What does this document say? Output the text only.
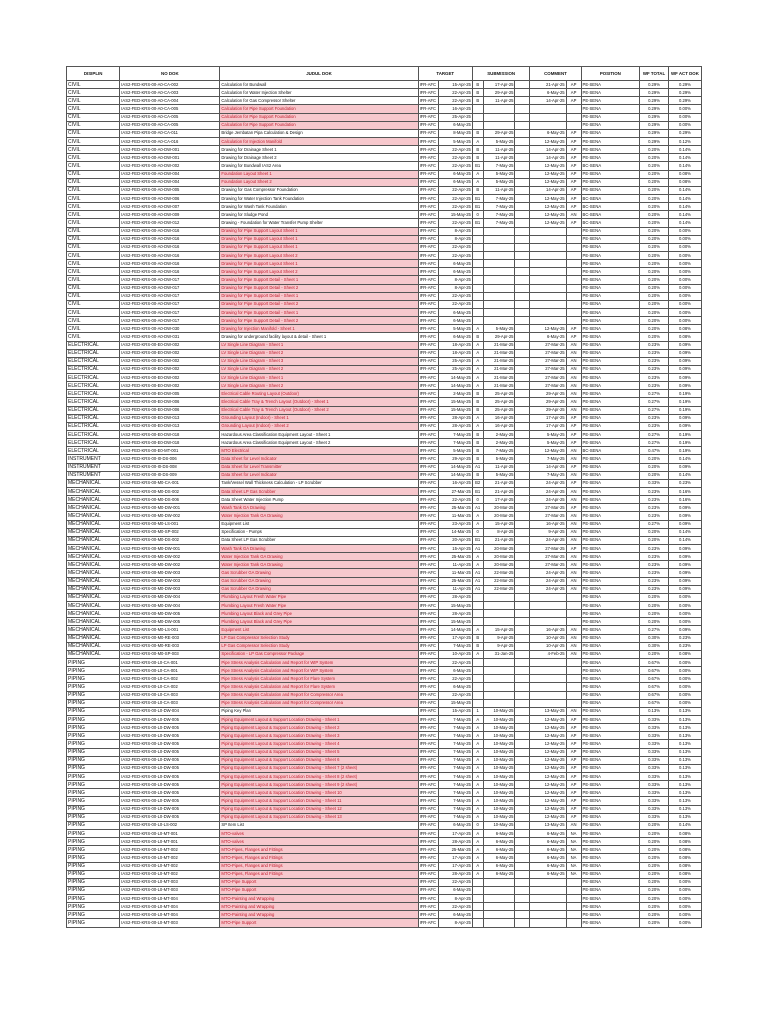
DISIPLIN	NO DOK	JUDUL DOK	TARGET		SUBMISSION			COMMENT		POSITION	WF TOTAL	WF ACT DOK
CIVIL	IAS2-FED-KRS-00-A0-CA-002	Calculation for Bundwall	IFR-AFC	15-Apr-25	B	17-Apr-25		21-Apr-25	AP	PE-SENA	0.29%	0.29%
CIVIL	IAS2-FED-KRS-00-A0-CA-003	Calculation for Water Injection Shelter	IFR-AFC	22-Apr-25	B	29-Apr-25		6-May-25	AP	PE-SENA	0.29%	0.29%
CIVIL	IAS2-FED-KRS-00-A0-CA-004	Calculation for Gas Compressor Shelter	IFR-AFC	22-Apr-25	B	11-Apr-25		14-Apr-25	AP	PE-SENA	0.29%	0.29%
CIVIL	IAS2-FED-KRS-00-A0-CA-005	Calculation for Pipe Support Foundation	IFR-AFC	16-Apr-25						PE-SENA	0.29%	0.00%
CIVIL	IAS2-FED-KRS-00-A0-CA-005	Calculation for Pipe Support Foundation	IFR-AFC	25-Apr-25						PE-SENA	0.29%	0.00%
CIVIL	IAS2-FED-KRS-00-A0-CA-005	Calculation for Pipe Support Foundation	IFR-AFC	6-May-25						PE-SENA	0.29%	0.00%
CIVIL	IAS2-FED-KRS-00-A0-CA-011	Bridge Jembatan Pipa Calculation & Design	IFR-AFC	8-May-25	B	29-Apr-25		6-May-25	AP	PE-SENA	0.29%	0.29%
CIVIL	IAS2-FED-KRS-00-A0-CA-016	Calculation for Injection Manifold	IFR-AFC	5-May-25	A	5-May-25		12-May-25	AP	PE-SENA	0.29%	0.12%
CIVIL	IAS2-FED-KRS-00-A0-DW-001	Drawing for Drainage Sheet 1	IFR-AFC	22-Apr-25	B	11-Apr-25		14-Apr-25	AP	PE-SENA	0.20%	0.14%
CIVIL	IAS2-FED-KRS-00-A0-DW-001	Drawing for Drainage Sheet 2	IFR-AFC	22-Apr-25	B	11-Apr-25		14-Apr-25	AP	PE-SENA	0.20%	0.14%
CIVIL	IAS2-FED-KRS-00-A0-DW-002	Drawing for Bundwall IAS2 Area	IFR-AFC	22-Apr-25	B1	7-May-25		12-May-25	AP	BC-SENA	0.20%	0.14%
CIVIL	IAS2-FED-KRS-00-A0-DW-004	Foundation Layout Sheet 1	IFR-AFC	6-May-25	A	5-May-25		12-May-25	AP	PE-SENA	0.20%	0.08%
CIVIL	IAS2-FED-KRS-00-A0-DW-004	Foundation Layout Sheet 2	IFR-AFC	6-May-25	A	5-May-25		12-May-25	AP	PE-SENA	0.20%	0.08%
CIVIL	IAS2-FED-KRS-00-A0-DW-005	Drawing for Gas Compressor Foundation	IFR-AFC	22-Apr-25	B	11-Apr-25		14-Apr-25	AP	PE-SENA	0.20%	0.14%
CIVIL	IAS2-FED-KRS-00-A0-DW-006	Drawing for Water Injection Tank Foundation	IFR-AFC	22-Apr-25	B1	7-May-25		12-May-25	AP	BC-SENA	0.20%	0.14%
CIVIL	IAS2-FED-KRS-00-A0-DW-007	Drawing for Wash Tank Foundation	IFR-AFC	22-Apr-25	B1	7-May-25		12-May-25	AP	BC-SENA	0.20%	0.14%
CIVIL	IAS2-FED-KRS-00-A0-DW-009	Drawing for Sludge Pond	IFR-AFC	15-May-25	0	7-May-25		12-May-25	AN	BC-SENA	0.20%	0.14%
CIVIL	IAS2-FED-KRS-00-A0-DW-012	Drawing - Foundation for Water Transfer Pump Shelter	IFR-AFC	22-Apr-25	B1	7-May-25		12-May-25	AP	BC-SENA	0.20%	0.14%
CIVIL	IAS2-FED-KRS-00-A0-DW-016	Drawing for Pipe Support Layout Sheet 1	IFR-AFC	8-Apr-25						PE-SENA	0.20%	0.00%
CIVIL	IAS2-FED-KRS-00-A0-DW-016	Drawing for Pipe Support Layout Sheet 1	IFR-AFC	8-Apr-25						PE-SENA	0.20%	0.00%
CIVIL	IAS2-FED-KRS-00-A0-DW-016	Drawing for Pipe Support Layout Sheet 1	IFR-AFC	22-Apr-25						PE-SENA	0.20%	0.00%
CIVIL	IAS2-FED-KRS-00-A0-DW-016	Drawing for Pipe Support Layout Sheet 2	IFR-AFC	22-Apr-25						PE-SENA	0.20%	0.00%
CIVIL	IAS2-FED-KRS-00-A0-DW-016	Drawing for Pipe Support Layout Sheet 1	IFR-AFC	6-May-25						PE-SENA	0.20%	0.00%
CIVIL	IAS2-FED-KRS-00-A0-DW-016	Drawing for Pipe Support Layout Sheet 2	IFR-AFC	6-May-25						PE-SENA	0.20%	0.00%
CIVIL	IAS2-FED-KRS-00-A0-DW-017	Drawing for Pipe Support Detail - Sheet 1	IFR-AFC	8-Apr-25						PE-SENA	0.20%	0.00%
CIVIL	IAS2-FED-KRS-00-A0-DW-017	Drawing for Pipe Support Detail - Sheet 2	IFR-AFC	8-Apr-25						PE-SENA	0.20%	0.00%
CIVIL	IAS2-FED-KRS-00-A0-DW-017	Drawing for Pipe Support Detail - Sheet 1	IFR-AFC	22-Apr-25						PE-SENA	0.20%	0.00%
CIVIL	IAS2-FED-KRS-00-A0-DW-017	Drawing for Pipe Support Detail - Sheet 2	IFR-AFC	22-Apr-25						PE-SENA	0.20%	0.00%
CIVIL	IAS2-FED-KRS-00-A0-DW-017	Drawing for Pipe Support Detail - Sheet 1	IFR-AFC	6-May-25						PE-SENA	0.20%	0.00%
CIVIL	IAS2-FED-KRS-00-A0-DW-017	Drawing for Pipe Support Detail - Sheet 2	IFR-AFC	6-May-25						PE-SENA	0.20%	0.00%
CIVIL	IAS2-FED-KRS-00-A0-DW-030	Drawing for Injection Manifold - Sheet 1	IFR-AFC	5-May-25	A	5-May-25		12-May-25	AP	PE-SENA	0.20%	0.08%
CIVIL	IAS2-FED-KRS-00-A0-DW-031	Drawing for underground facility layout & detail - Sheet 1	IFR-AFC	6-May-25	B	29-Apr-25		6-May-25	AP	PE-SENA	0.20%	0.08%
ELECTRICAL	IAS2-FED-KRS-00-E0-DW-002	LV Single Line Diagram - Sheet 1	IFR-AFC	18-Apr-25	A	21-Mar-25		27-Mar-25	AN	PE-SENA	0.23%	0.09%
ELECTRICAL	IAS2-FED-KRS-00-E0-DW-002	LV Single Line Diagram - Sheet 2	IFR-AFC	18-Apr-25	A	21-Mar-25		27-Mar-25	AN	PE-SENA	0.23%	0.09%
ELECTRICAL	IAS2-FED-KRS-00-E0-DW-002	LV Single Line Diagram - Sheet 3	IFR-AFC	25-Apr-25	A	21-Mar-25		27-Mar-25	AN	PE-SENA	0.23%	0.09%
ELECTRICAL	IAS2-FED-KRS-00-E0-DW-002	LV Single Line Diagram - Sheet 2	IFR-AFC	25-Apr-25	A	21-Mar-25		27-Mar-25	AN	PE-SENA	0.23%	0.09%
ELECTRICAL	IAS2-FED-KRS-00-E0-DW-002	LV Single Line Diagram - Sheet 1	IFR-AFC	14-May-25	A	21-Mar-25		27-Mar-25	AN	PE-SENA	0.23%	0.09%
ELECTRICAL	IAS2-FED-KRS-00-E0-DW-002	LV Single Line Diagram - Sheet 2	IFR-AFC	14-May-25	A	21-Mar-25		27-Mar-25	AN	PE-SENA	0.23%	0.09%
ELECTRICAL	IAS2-FED-KRS-00-E0-DW-005	Electrical Cable Routing Layout (Outdoor)	IFR-AFC	2-May-25	B	25-Apr-25		29-Apr-25	AN	PE-SENA	0.27%	0.19%
ELECTRICAL	IAS2-FED-KRS-00-E0-DW-006	Electrical Cable Tray & Trench Layout (Outdoor) - Sheet 1	IFR-AFC	15-May-25	B	25-Apr-25		29-Apr-25	AN	PE-SENA	0.27%	0.19%
ELECTRICAL	IAS2-FED-KRS-00-E0-DW-006	Electrical Cable Tray & Trench Layout (Outdoor) - Sheet 2	IFR-AFC	15-May-25	B	25-Apr-25		29-Apr-25	AN	PE-SENA	0.27%	0.19%
ELECTRICAL	IAS2-FED-KRS-00-E0-DW-013	Grounding Layout (Indoor) - Sheet 1	IFR-AFC	28-Apr-25	A	16-Apr-25		17-Apr-25	AP	PE-SENA	0.23%	0.09%
ELECTRICAL	IAS2-FED-KRS-00-E0-DW-013	Grounding Layout (Indoor) - Sheet 2	IFR-AFC	28-Apr-25	A	16-Apr-25		17-Apr-25	AP	PE-SENA	0.23%	0.09%
ELECTRICAL	IAS2-FED-KRS-00-E0-DW-018	Hazardous Area Classification Equipment Layout - Sheet 1	IFR-AFC	7-May-25	B	2-May-25		5-May-25	AP	PE-SENA	0.27%	0.19%
ELECTRICAL	IAS2-FED-KRS-00-E0-DW-018	Hazardous Area Classification Equipment Layout - Sheet 2	IFR-AFC	7-May-25	B	2-May-25		5-May-25	AP	PE-SENA	0.27%	0.19%
ELECTRICAL	IAS2-FED-KRS-00-E0-MT-001	MTO Electrical	IFR-AFC	5-May-25	B	7-May-25		12-May-25	AN	BC-SENA	0.47%	0.19%
INSTRUMENT	IAS2-FED-KRS-00-I0-DS-006	Data Sheet for Level Indicator	IFR-AFC	29-Apr-25	B	5-May-25		7-May-25	AN	PE-SENA	0.20%	0.14%
INSTRUMENT	IAS2-FED-KRS-00-I0-DS-008	Data Sheet for Level Transmitter	IFR-AFC	14-May-25	A1	11-Apr-25		14-Apr-25	AP	PE-SENA	0.20%	0.09%
INSTRUMENT	IAS2-FED-KRS-00-I0-DS-009	Data Sheet for Level Indicator	IFR-AFC	14-May-25	B	5-May-25		7-May-25	AN	PE-SENA	0.20%	0.14%
MECHANICAL	IAS2-FED-KRS-00-M0-CA-001	Tank/Vessel Wall Thickness Calculation - LP Scrubber	IFR-AFC	16-Apr-25	B2	21-Apr-25		24-Apr-25	AP	PE-SENA	0.33%	0.23%
MECHANICAL	IAS2-FED-KRS-00-M0-DS-002	Data Sheet LP Gas Scrubber	IFR-AFC	27-Mar-25	B1	21-Apr-25		24-Apr-25	AN	PE-SENA	0.23%	0.16%
MECHANICAL	IAS2-FED-KRS-00-M0-DS-006	Data Sheet Water Injection Pump	IFR-AFC	22-Apr-25	0	17-Apr-25		24-Apr-25	AN	PE-SENA	0.23%	0.16%
MECHANICAL	IAS2-FED-KRS-00-M0-DW-001	Wash Tank GA Drawing	IFR-AFC	25-Mar-25	A1	20-Mar-25		27-Mar-25	AP	PE-SENA	0.23%	0.09%
MECHANICAL	IAS2-FED-KRS-00-M0-DW-002	Water Injection Tank GA Drawing	IFR-AFC	11-Mar-25	A	20-Mar-25		27-Mar-25	AN	PE-SENA	0.23%	0.09%
MECHANICAL	IAS2-FED-KRS-00-M0-LS-001	Equipment List	IFR-AFC	23-Apr-25	A	15-Apr-25		16-Apr-25	AN	PE-SENA	0.27%	0.09%
MECHANICAL	IAS2-FED-KRS-00-M0-SP-002	Specification - Pumps	IFR-AFC	14-Mar-25	0	8-Apr-25		9-Apr-25	AN	PE-SENA	0.20%	0.14%
MECHANICAL	IAS2-FED-KRS-00-M0-DS-002	Data Sheet LP Gas Scrubber	IFR-AFC	20-Apr-25	B1	21-Apr-25		24-Apr-25	AN	PE-SENA	0.20%	0.14%
MECHANICAL	IAS2-FED-KRS-00-M0-DW-001	Wash Tank GA Drawing	IFR-AFC	15-Apr-25	A1	20-Mar-25		27-Mar-25	AP	PE-SENA	0.23%	0.09%
MECHANICAL	IAS2-FED-KRS-00-M0-DW-002	Water Injection Tank GA Drawing	IFR-AFC	25-Mar-25	A	20-Mar-25		27-Mar-25	AN	PE-SENA	0.23%	0.09%
MECHANICAL	IAS2-FED-KRS-00-M0-DW-002	Water Injection Tank GA Drawing	IFR-AFC	11-Apr-25	A	20-Mar-25		27-Mar-25	AN	PE-SENA	0.23%	0.09%
MECHANICAL	IAS2-FED-KRS-00-M0-DW-003	Gas Scrubber GA Drawing	IFR-AFC	11-Mar-25	A1	22-Mar-25		24-Apr-25	AN	PE-SENA	0.23%	0.09%
MECHANICAL	IAS2-FED-KRS-00-M0-DW-003	Gas Scrubber GA Drawing	IFR-AFC	25-Mar-25	A1	22-Mar-25		24-Apr-25	AN	PE-SENA	0.23%	0.09%
MECHANICAL	IAS2-FED-KRS-00-M0-DW-003	Gas Scrubber GA Drawing	IFR-AFC	11-Apr-25	A1	22-Mar-25		24-Apr-25	AN	PE-SENA	0.23%	0.09%
MECHANICAL	IAS2-FED-KRS-00-M0-DW-004	Plumbing Layout Fresh Water Pipe	IFR-AFC	28-Apr-25						PE-SENA	0.20%	0.00%
MECHANICAL	IAS2-FED-KRS-00-M0-DW-004	Plumbing Layout Fresh Water Pipe	IFR-AFC	15-May-25						PE-SENA	0.20%	0.00%
MECHANICAL	IAS2-FED-KRS-00-M0-DW-005	Plumbing Layout Black and Grey Pipe	IFR-AFC	28-Apr-25						PE-SENA	0.20%	0.00%
MECHANICAL	IAS2-FED-KRS-00-M0-DW-005	Plumbing Layout Black and Grey Pipe	IFR-AFC	15-May-25						PE-SENA	0.20%	0.00%
MECHANICAL	IAS2-FED-KRS-00-M0-LS-001	Equipment List	IFR-AFC	14-May-25	A	15-Apr-25		16-Apr-25	AN	PE-SENA	0.27%	0.09%
MECHANICAL	IAS2-FED-KRS-00-M0-RE-003	LP Gas Compressor Selection Study	IFR-AFC	17-Apr-25	B	9-Apr-25		10-Apr-25	AN	PE-SENA	0.30%	0.23%
MECHANICAL	IAS2-FED-KRS-00-M0-RE-003	LP Gas Compressor Selection Study	IFR-AFC	7-May-25	B	9-Apr-25		10-Apr-25	AN	PE-SENA	0.30%	0.23%
MECHANICAL	IAS2-FED-KRS-00-M0-SP-003	Specification - LP Gas Compressor Package	IFR-AFC	10-Apr-25	A	31-Jan-25		4-Feb-25	AN	PE-SENA	0.20%	0.08%
PIPING	IAS2-FED-KRS-00-L0-CA-001	Pipe Stress Analysis Calculation and Report for WIP System	IFR-AFC	22-Apr-25						PE-SENA	0.67%	0.00%
PIPING	IAS2-FED-KRS-00-L0-CA-001	Pipe Stress Analysis Calculation and Report for WIP System	IFR-AFC	6-May-25						PE-SENA	0.67%	0.00%
PIPING	IAS2-FED-KRS-00-L0-CA-002	Pipe Stress Analysis Calculation and Report for Flare System	IFR-AFC	22-Apr-25						PE-SENA	0.67%	0.00%
PIPING	IAS2-FED-KRS-00-L0-CA-002	Pipe Stress Analysis Calculation and Report for Flare System	IFR-AFC	6-May-25						PE-SENA	0.67%	0.00%
PIPING	IAS2-FED-KRS-00-L0-CA-003	Pipe Stress Analysis Calculation and Report for Compressor Area	IFR-AFC	22-Apr-25						PE-SENA	0.67%	0.00%
PIPING	IAS2-FED-KRS-00-L0-CA-003	Pipe Stress Analysis Calculation and Report for Compressor Area	IFR-AFC	15-May-25						PE-SENA	0.67%	0.00%
PIPING	IAS2-FED-KRS-00-L0-DW-004	Piping Key Plan	IFR-AFC	15-Apr-25	1	10-May-25		13-May-25	AN	PE-SENA	0.13%	0.13%
PIPING	IAS2-FED-KRS-00-L0-DW-005	Piping Equipment Layout & Support Location Drawing - Sheet 1	IFR-AFC	7-May-25	A	10-May-25		12-May-25	AP	PE-SENA	0.33%	0.13%
PIPING	IAS2-FED-KRS-00-L0-DW-005	Piping Equipment Layout & Support Location Drawing - Sheet 2	IFR-AFC	7-May-25	A	10-May-25		12-May-25	AP	PE-SENA	0.33%	0.13%
PIPING	IAS2-FED-KRS-00-L0-DW-005	Piping Equipment Layout & Support Location Drawing - Sheet 3	IFR-AFC	7-May-25	A	10-May-25		12-May-25	AP	PE-SENA	0.33%	0.13%
PIPING	IAS2-FED-KRS-00-L0-DW-005	Piping Equipment Layout & Support Location Drawing - Sheet 4	IFR-AFC	7-May-25	A	10-May-25		12-May-25	AP	PE-SENA	0.33%	0.13%
PIPING	IAS2-FED-KRS-00-L0-DW-005	Piping Equipment Layout & Support Location Drawing - Sheet 5	IFR-AFC	7-May-25	A	10-May-25		12-May-25	AP	PE-SENA	0.33%	0.13%
PIPING	IAS2-FED-KRS-00-L0-DW-005	Piping Equipment Layout & Support Location Drawing - Sheet 6	IFR-AFC	7-May-25	A	10-May-25		12-May-25	AP	PE-SENA	0.33%	0.13%
PIPING	IAS2-FED-KRS-00-L0-DW-005	Piping Equipment Layout & Support Location Drawing - Sheet 7 (2 sheet)	IFR-AFC	7-May-25	A	10-May-25		12-May-25	AP	PE-SENA	0.33%	0.13%
PIPING	IAS2-FED-KRS-00-L0-DW-005	Piping Equipment Layout & Support Location Drawing - Sheet 8 (2 sheet)	IFR-AFC	7-May-25	A	10-May-25		12-May-25	AP	PE-SENA	0.33%	0.13%
PIPING	IAS2-FED-KRS-00-L0-DW-005	Piping Equipment Layout & Support Location Drawing - Sheet 9 (2 sheet)	IFR-AFC	7-May-25	A	10-May-25		12-May-25	AP	PE-SENA	0.33%	0.13%
PIPING	IAS2-FED-KRS-00-L0-DW-005	Piping Equipment Layout & Support Location Drawing - Sheet 10	IFR-AFC	7-May-25	A	10-May-25		12-May-25	AP	PE-SENA	0.33%	0.13%
PIPING	IAS2-FED-KRS-00-L0-DW-005	Piping Equipment Layout & Support Location Drawing - Sheet 11	IFR-AFC	7-May-25	A	10-May-25		12-May-25	AP	PE-SENA	0.33%	0.13%
PIPING	IAS2-FED-KRS-00-L0-DW-005	Piping Equipment Layout & Support Location Drawing - Sheet 12	IFR-AFC	7-May-25	A	10-May-25		12-May-25	AP	PE-SENA	0.33%	0.13%
PIPING	IAS2-FED-KRS-00-L0-DW-005	Piping Equipment Layout & Support Location Drawing - Sheet 13	IFR-AFC	7-May-25	A	10-May-25		12-May-25	AP	PE-SENA	0.33%	0.13%
PIPING	IAS2-FED-KRS-00-L0-LS-002	SP Item List	IFR-AFC	6-May-25	0	10-May-25		13-May-25	AN	PE-SENA	0.20%	0.14%
PIPING	IAS2-FED-KRS-00-L0-MT-001	MTO-valves	IFR-AFC	17-Apr-25	A	6-May-25		6-May-25	NA	PE-SENA	0.20%	0.08%
PIPING	IAS2-FED-KRS-00-L0-MT-001	MTO-valves	IFR-AFC	28-Apr-25	A	6-May-25		6-May-25	NA	PE-SENA	0.20%	0.08%
PIPING	IAS2-FED-KRS-00-L0-MT-002	MTO-Pipes, Flanges and Fittings	IFR-AFC	25-Mar-25	A	6-May-25		6-May-25	NA	PE-SENA	0.20%	0.08%
PIPING	IAS2-FED-KRS-00-L0-MT-002	MTO-Pipes, Flanges and Fittings	IFR-AFC	17-Apr-25	A	6-May-25		6-May-25	NA	PE-SENA	0.20%	0.08%
PIPING	IAS2-FED-KRS-00-L0-MT-002	MTO-Pipes, Flanges and Fittings	IFR-AFC	17-Apr-25	A	6-May-25		6-May-25	NA	PE-SENA	0.20%	0.08%
PIPING	IAS2-FED-KRS-00-L0-MT-002	MTO-Pipes, Flanges and Fittings	IFR-AFC	28-Apr-25	A	6-May-25		6-May-25	NA	PE-SENA	0.20%	0.08%
PIPING	IAS2-FED-KRS-00-L0-MT-003	MTO-Pipe Support	IFR-AFC	22-Apr-25						PE-SENA	0.20%	0.00%
PIPING	IAS2-FED-KRS-00-L0-MT-003	MTO-Pipe Support	IFR-AFC	6-May-25						PE-SENA	0.20%	0.00%
PIPING	IAS2-FED-KRS-00-L0-MT-004	MTO-Painting and Wrapping	IFR-AFC	8-Apr-25						PE-SENA	0.20%	0.00%
PIPING	IAS2-FED-KRS-00-L0-MT-004	MTO-Painting and Wrapping	IFR-AFC	22-Apr-25						PE-SENA	0.20%	0.00%
PIPING	IAS2-FED-KRS-00-L0-MT-004	MTO-Painting and Wrapping	IFR-AFC	6-May-25						PE-SENA	0.20%	0.00%
PIPING	IAS2-FED-KRS-00-L0-MT-003	MTO-Pipe Support	IFR-AFC	8-Apr-25						PE-SENA	0.20%	0.00%
